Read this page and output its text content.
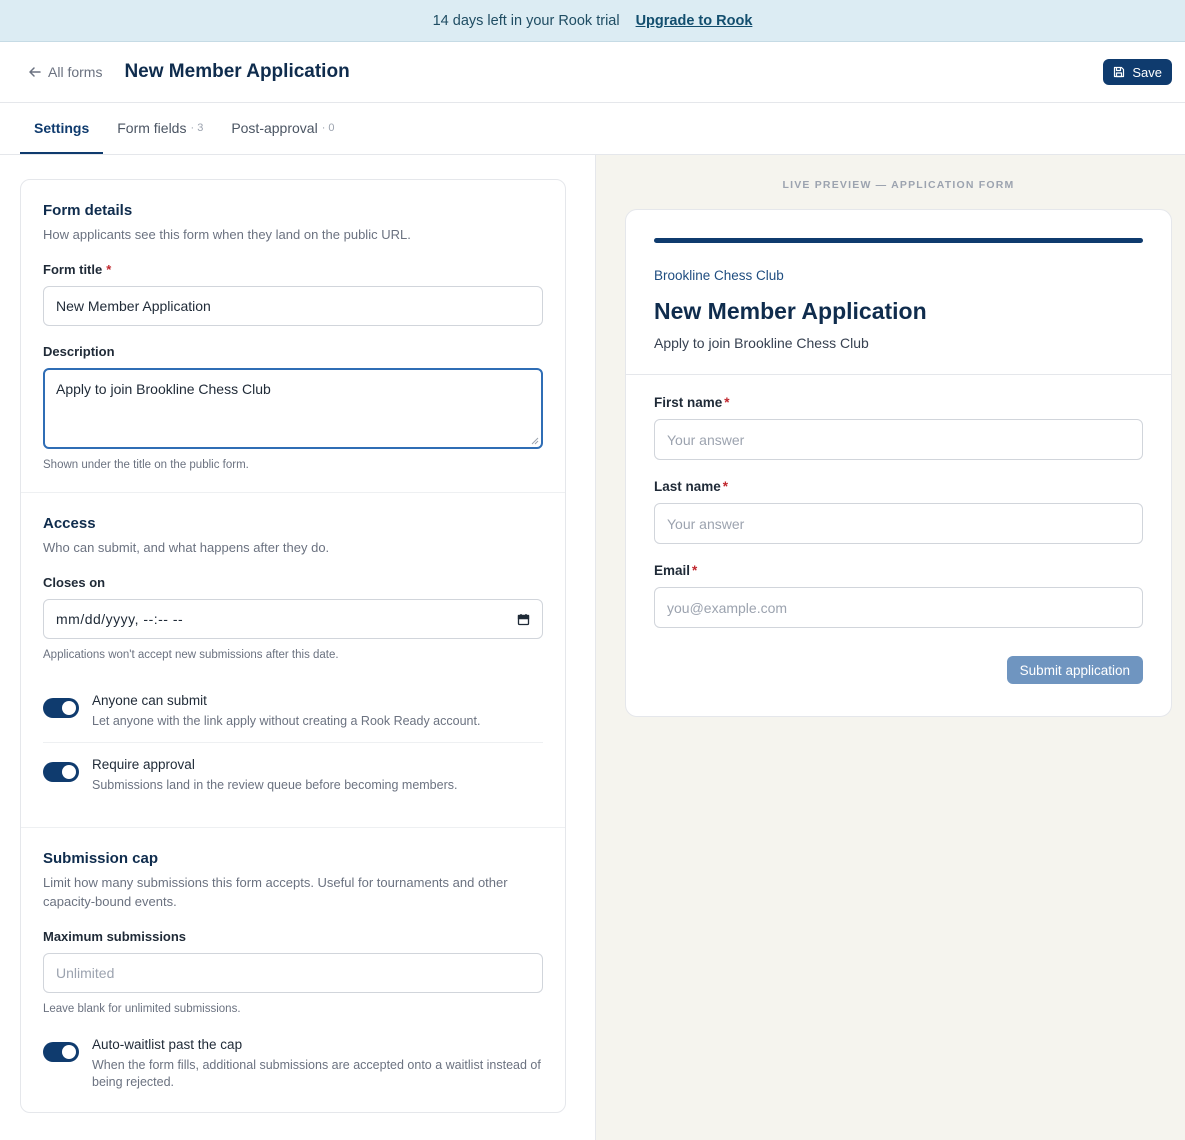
14 days left in your Rook trial Upgrade to Rook
All forms New Member Application	Save
Settings Form fields · 3 Post-approval · 0
Form details
How applicants see this form when they land on the public URL.
Form title *
New Member Application
Description
Apply to join Brookline Chess Club
Shown under the title on the public form.
Access
Who can submit, and what happens after they do.
Closes on
mm/dd/yyyy, --:-- --
Applications won't accept new submissions after this date.
Anyone can submit
Let anyone with the link apply without creating a Rook Ready account.
Require approval
Submissions land in the review queue before becoming members.
Submission cap
Limit how many submissions this form accepts. Useful for tournaments and other capacity-bound events.
Maximum submissions
Unlimited
Leave blank for unlimited submissions.
Auto-waitlist past the cap
When the form fills, additional submissions are accepted onto a waitlist instead of being rejected.
LIVE PREVIEW — APPLICATION FORM
Brookline Chess Club
New Member Application
Apply to join Brookline Chess Club
First name *
Your answer
Last name *
Your answer
Email *
you@example.com
Submit application
